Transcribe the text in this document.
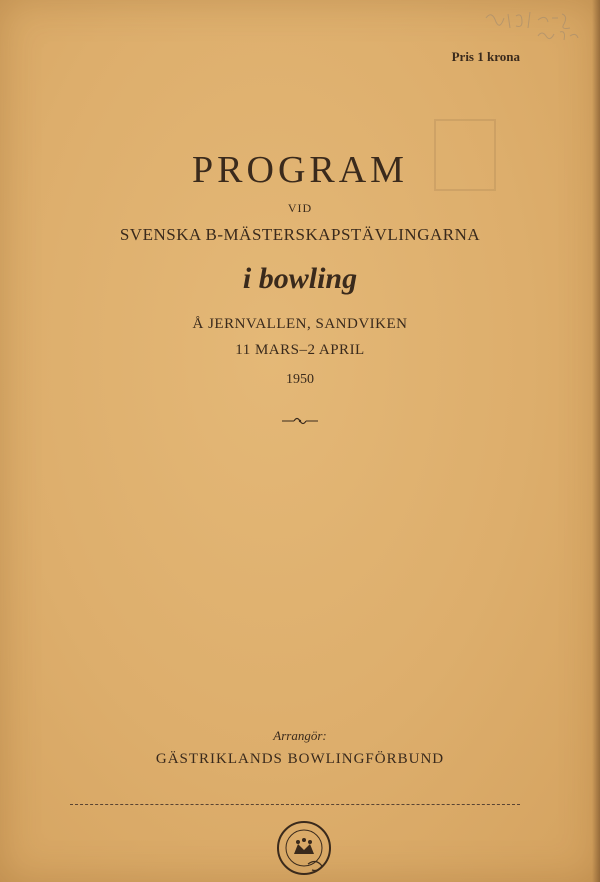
Pris 1 krona
PROGRAM
VID
SVENSKA B-MÄSTERSKAPSTÄVLINGARNA
i bowling
Å JERNVALLEN, SANDVIKEN
11 MARS–2 APRIL
1950
Arrangör:
GÄSTRIKLANDS BOWLINGFÖRBUND
